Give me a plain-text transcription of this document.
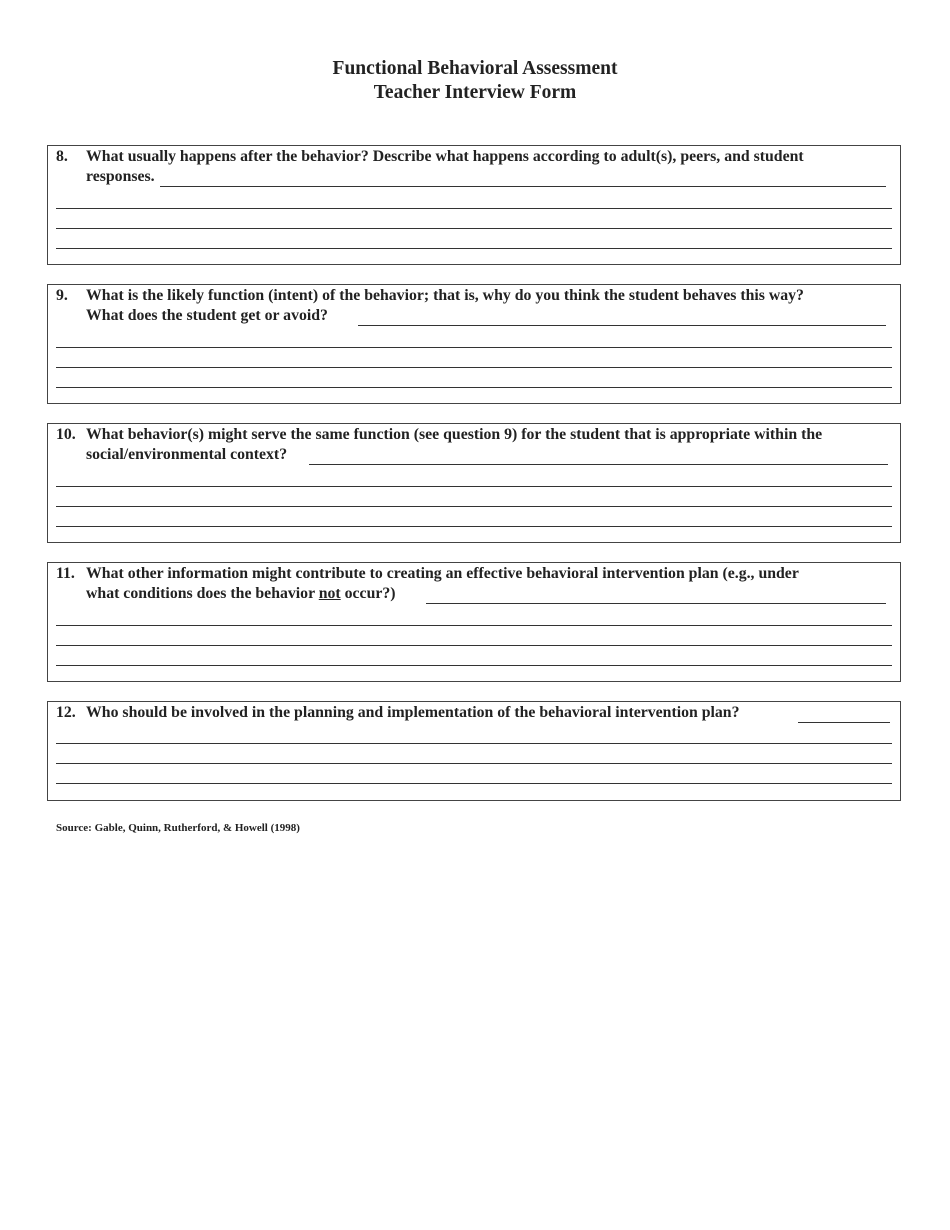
Functional Behavioral Assessment
Teacher Interview Form
8. What usually happens after the behavior? Describe what happens according to adult(s), peers, and student
responses.
9. What is the likely function (intent) of the behavior; that is, why do you think the student behaves this way?
What does the student get or avoid?
10. What behavior(s) might serve the same function (see question 9) for the student that is appropriate within the
social/environmental context?
11. What other information might contribute to creating an effective behavioral intervention plan (e.g., under
what conditions does the behavior not occur?)
12. Who should be involved in the planning and implementation of the behavioral intervention plan?
Source: Gable, Quinn, Rutherford, & Howell (1998)
